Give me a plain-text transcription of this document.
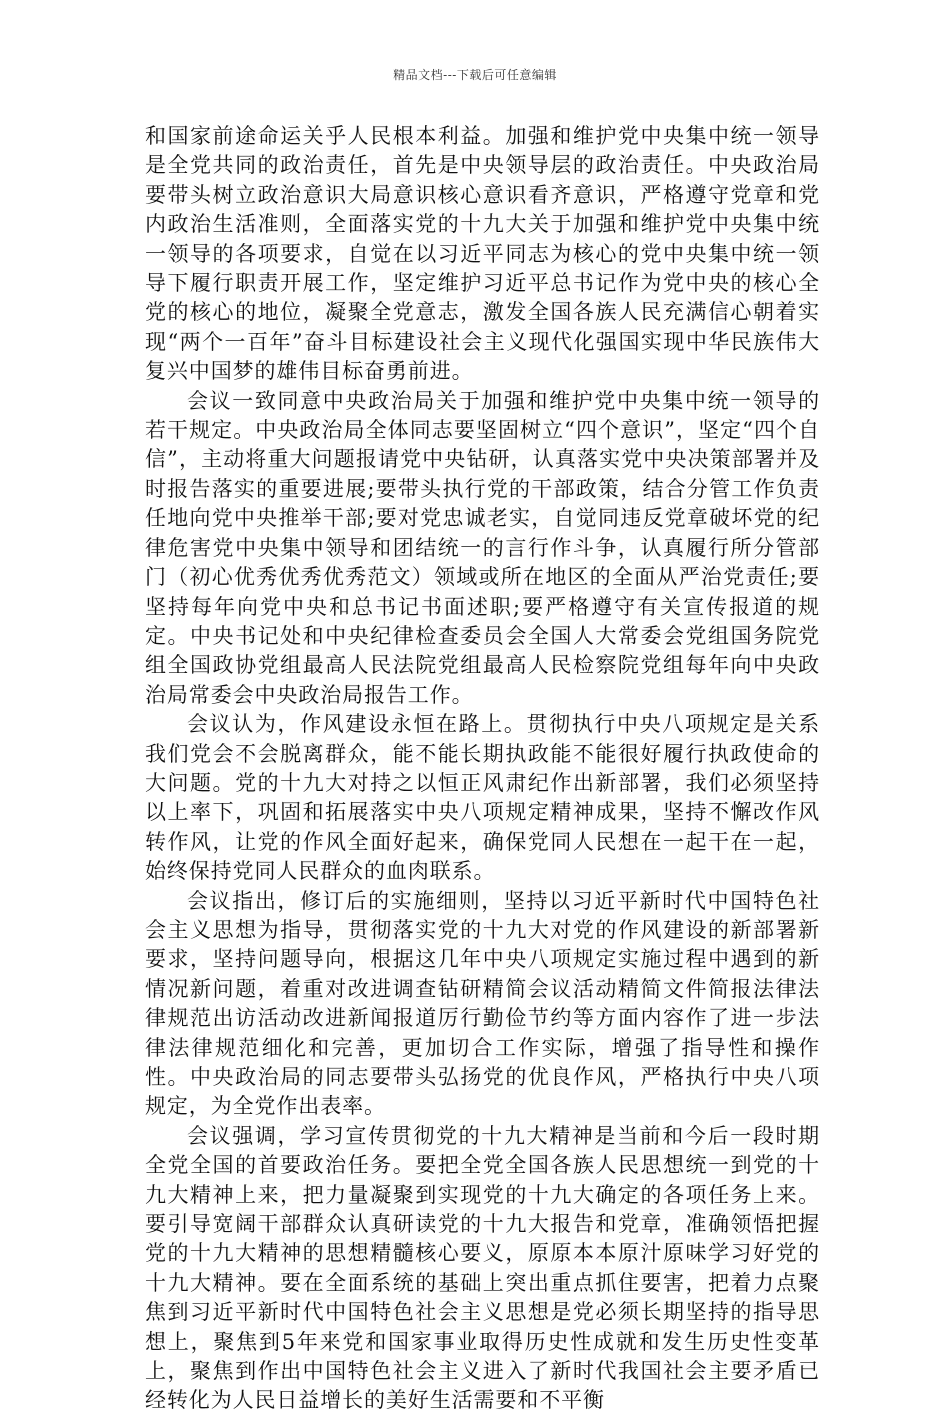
精品文档---下载后可任意编辑

和国家前途命运关乎人民根本利益。加强和维护党中央集中统一领导是全党共同的政治责任，首先是中央领导层的政治责任。中央政治局要带头树立政治意识大局意识核心意识看齐意识，严格遵守党章和党内政治生活准则，全面落实党的十九大关于加强和维护党中央集中统一领导的各项要求，自觉在以习近平同志为核心的党中央集中统一领导下履行职责开展工作，坚定维护习近平总书记作为党中央的核心全党的核心的地位，凝聚全党意志，激发全国各族人民充满信心朝着实现“两个一百年”奋斗目标建设社会主义现代化强国实现中华民族伟大复兴中国梦的雄伟目标奋勇前进。

会议一致同意中央政治局关于加强和维护党中央集中统一领导的若干规定。中央政治局全体同志要坚固树立“四个意识”，坚定“四个自信”，主动将重大问题报请党中央钻研，认真落实党中央决策部署并及时报告落实的重要进展;要带头执行党的干部政策，结合分管工作负责任地向党中央推举干部;要对党忠诚老实，自觉同违反党章破坏党的纪律危害党中央集中领导和团结统一的言行作斗争，认真履行所分管部门（初心优秀优秀优秀范文）领域或所在地区的全面从严治党责任;要坚持每年向党中央和总书记书面述职;要严格遵守有关宣传报道的规定。中央书记处和中央纪律检查委员会全国人大常委会党组国务院党组全国政协党组最高人民法院党组最高人民检察院党组每年向中央政治局常委会中央政治局报告工作。

会议认为，作风建设永恒在路上。贯彻执行中央八项规定是关系我们党会不会脱离群众，能不能长期执政能不能很好履行执政使命的大问题。党的十九大对持之以恒正风肃纪作出新部署，我们必须坚持以上率下，巩固和拓展落实中央八项规定精神成果，坚持不懈改作风转作风，让党的作风全面好起来，确保党同人民想在一起干在一起，始终保持党同人民群众的血肉联系。

会议指出，修订后的实施细则，坚持以习近平新时代中国特色社会主义思想为指导，贯彻落实党的十九大对党的作风建设的新部署新要求，坚持问题导向，根据这几年中央八项规定实施过程中遇到的新情况新问题，着重对改进调查钻研精简会议活动精简文件简报法律法律规范出访活动改进新闻报道厉行勤俭节约等方面内容作了进一步法律法律规范细化和完善，更加切合工作实际，增强了指导性和操作性。中央政治局的同志要带头弘扬党的优良作风，严格执行中央八项规定，为全党作出表率。

会议强调，学习宣传贯彻党的十九大精神是当前和今后一段时期全党全国的首要政治任务。要把全党全国各族人民思想统一到党的十九大精神上来，把力量凝聚到实现党的十九大确定的各项任务上来。要引导宽阔干部群众认真研读党的十九大报告和党章，准确领悟把握党的十九大精神的思想精髓核心要义，原原本本原汁原味学习好党的十九大精神。要在全面系统的基础上突出重点抓住要害，把着力点聚焦到习近平新时代中国特色社会主义思想是党必须长期坚持的指导思想上，聚焦到5年来党和国家事业取得历史性成就和发生历史性变革上，聚焦到作出中国特色社会主义进入了新时代我国社会主要矛盾已经转化为人民日益增长的美好生活需要和不平衡
